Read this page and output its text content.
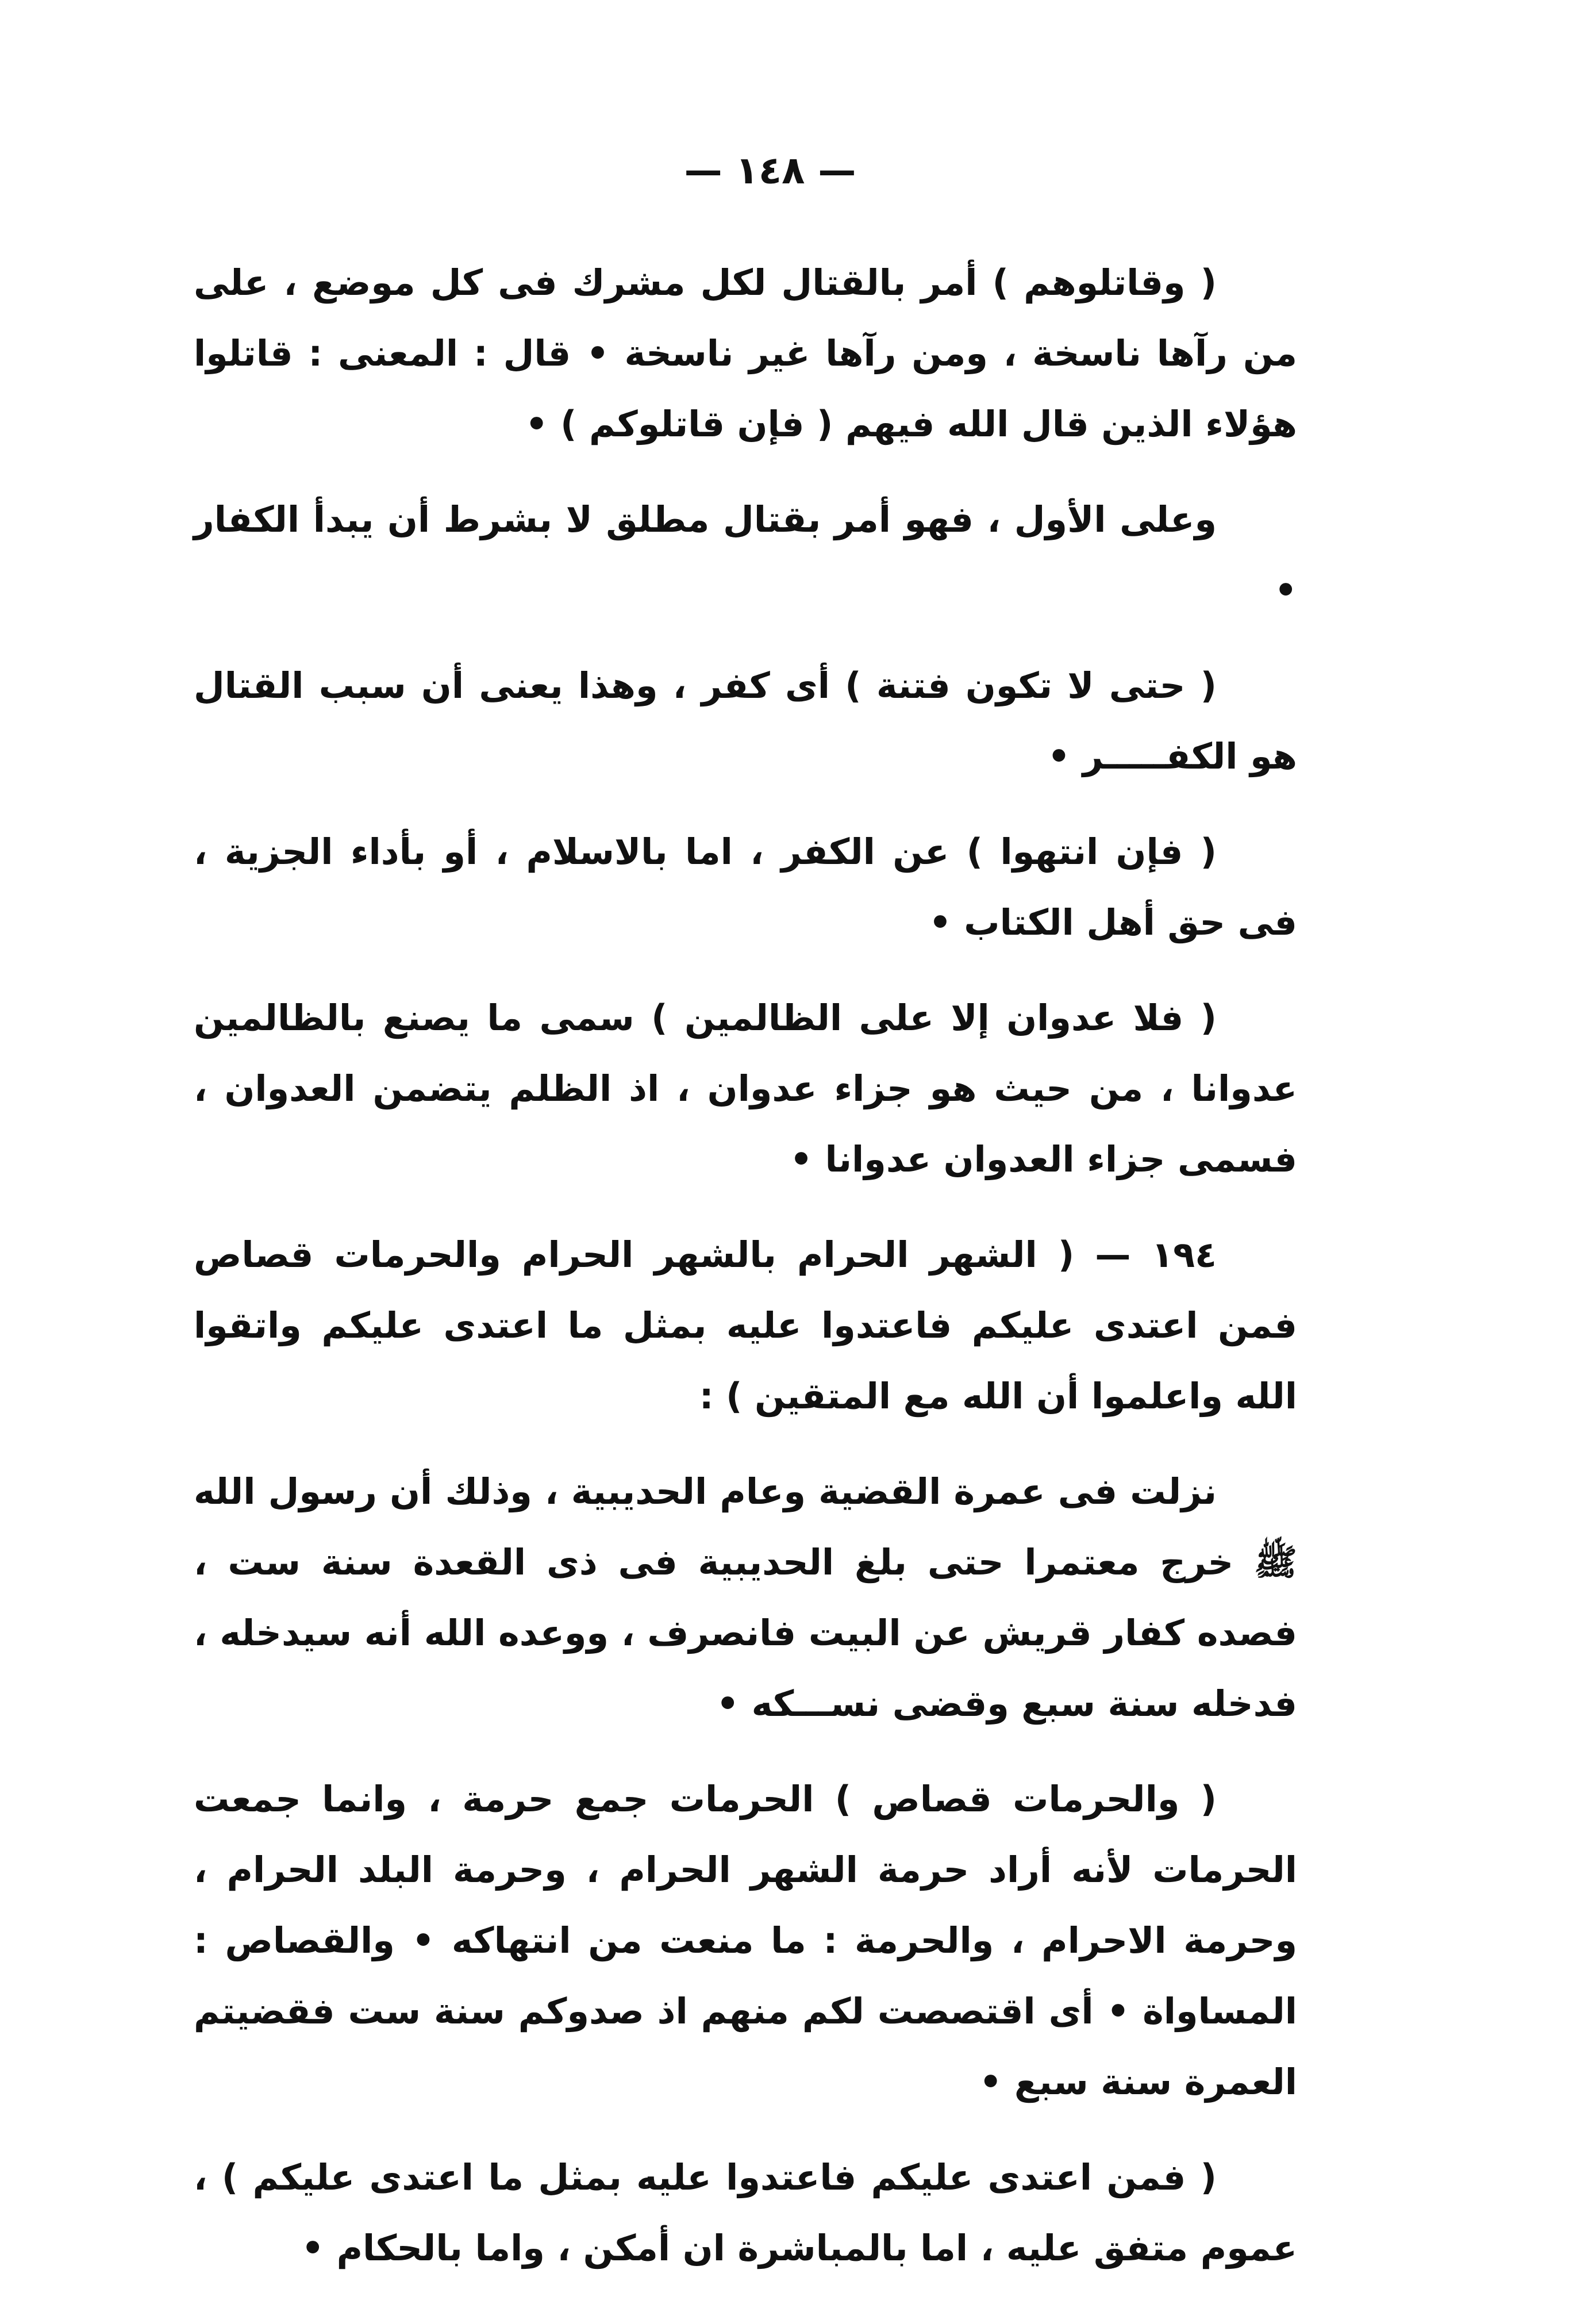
— ١٤٨ —

( وقاتلوهم ) أمر بالقتال لكل مشرك فى كل موضع ، على من رآها ناسخة ، ومن رآها غير ناسخة • قال : المعنى : قاتلوا هؤلاء الذين قال الله فيهم ( فإن قاتلوكم ) •

وعلى الأول ، فهو أمر بقتال مطلق لا بشرط أن يبدأ الكفار •

( حتى لا تكون فتنة ) أى كفر ، وهذا يعنى أن سبب القتال هو الكفـــــر •

( فإن انتهوا ) عن الكفر ، اما بالاسلام ، أو بأداء الجزية ، فى حق أهل الكتاب •

( فلا عدوان إلا على الظالمين ) سمى ما يصنع بالظالمين عدوانا ، من حيث هو جزاء عدوان ، اذ الظلم يتضمن العدوان ، فسمى جزاء العدوان عدوانا •

١٩٤ — ( الشهر الحرام بالشهر الحرام والحرمات قصاص فمن اعتدى عليكم فاعتدوا عليه بمثل ما اعتدى عليكم واتقوا الله واعلموا أن الله مع المتقين ) :

نزلت فى عمرة القضية وعام الحديبية ، وذلك أن رسول الله ﷺ خرج معتمرا حتى بلغ الحديبية فى ذى القعدة سنة ست ، فصده كفار قريش عن البيت فانصرف ، ووعده الله أنه سيدخله ، فدخله سنة سبع وقضى نســـكه •

( والحرمات قصاص ) الحرمات جمع حرمة ، وانما جمعت الحرمات لأنه أراد حرمة الشهر الحرام ، وحرمة البلد الحرام ، وحرمة الاحرام ، والحرمة : ما منعت من انتهاكه • والقصاص : المساواة • أى اقتصصت لكم منهم اذ صدوكم سنة ست فقضيتم العمرة سنة سبع •

( فمن اعتدى عليكم فاعتدوا عليه بمثل ما اعتدى عليكم ) ، عموم متفق عليه ، اما بالمباشرة ان أمكن ، واما بالحكام •
